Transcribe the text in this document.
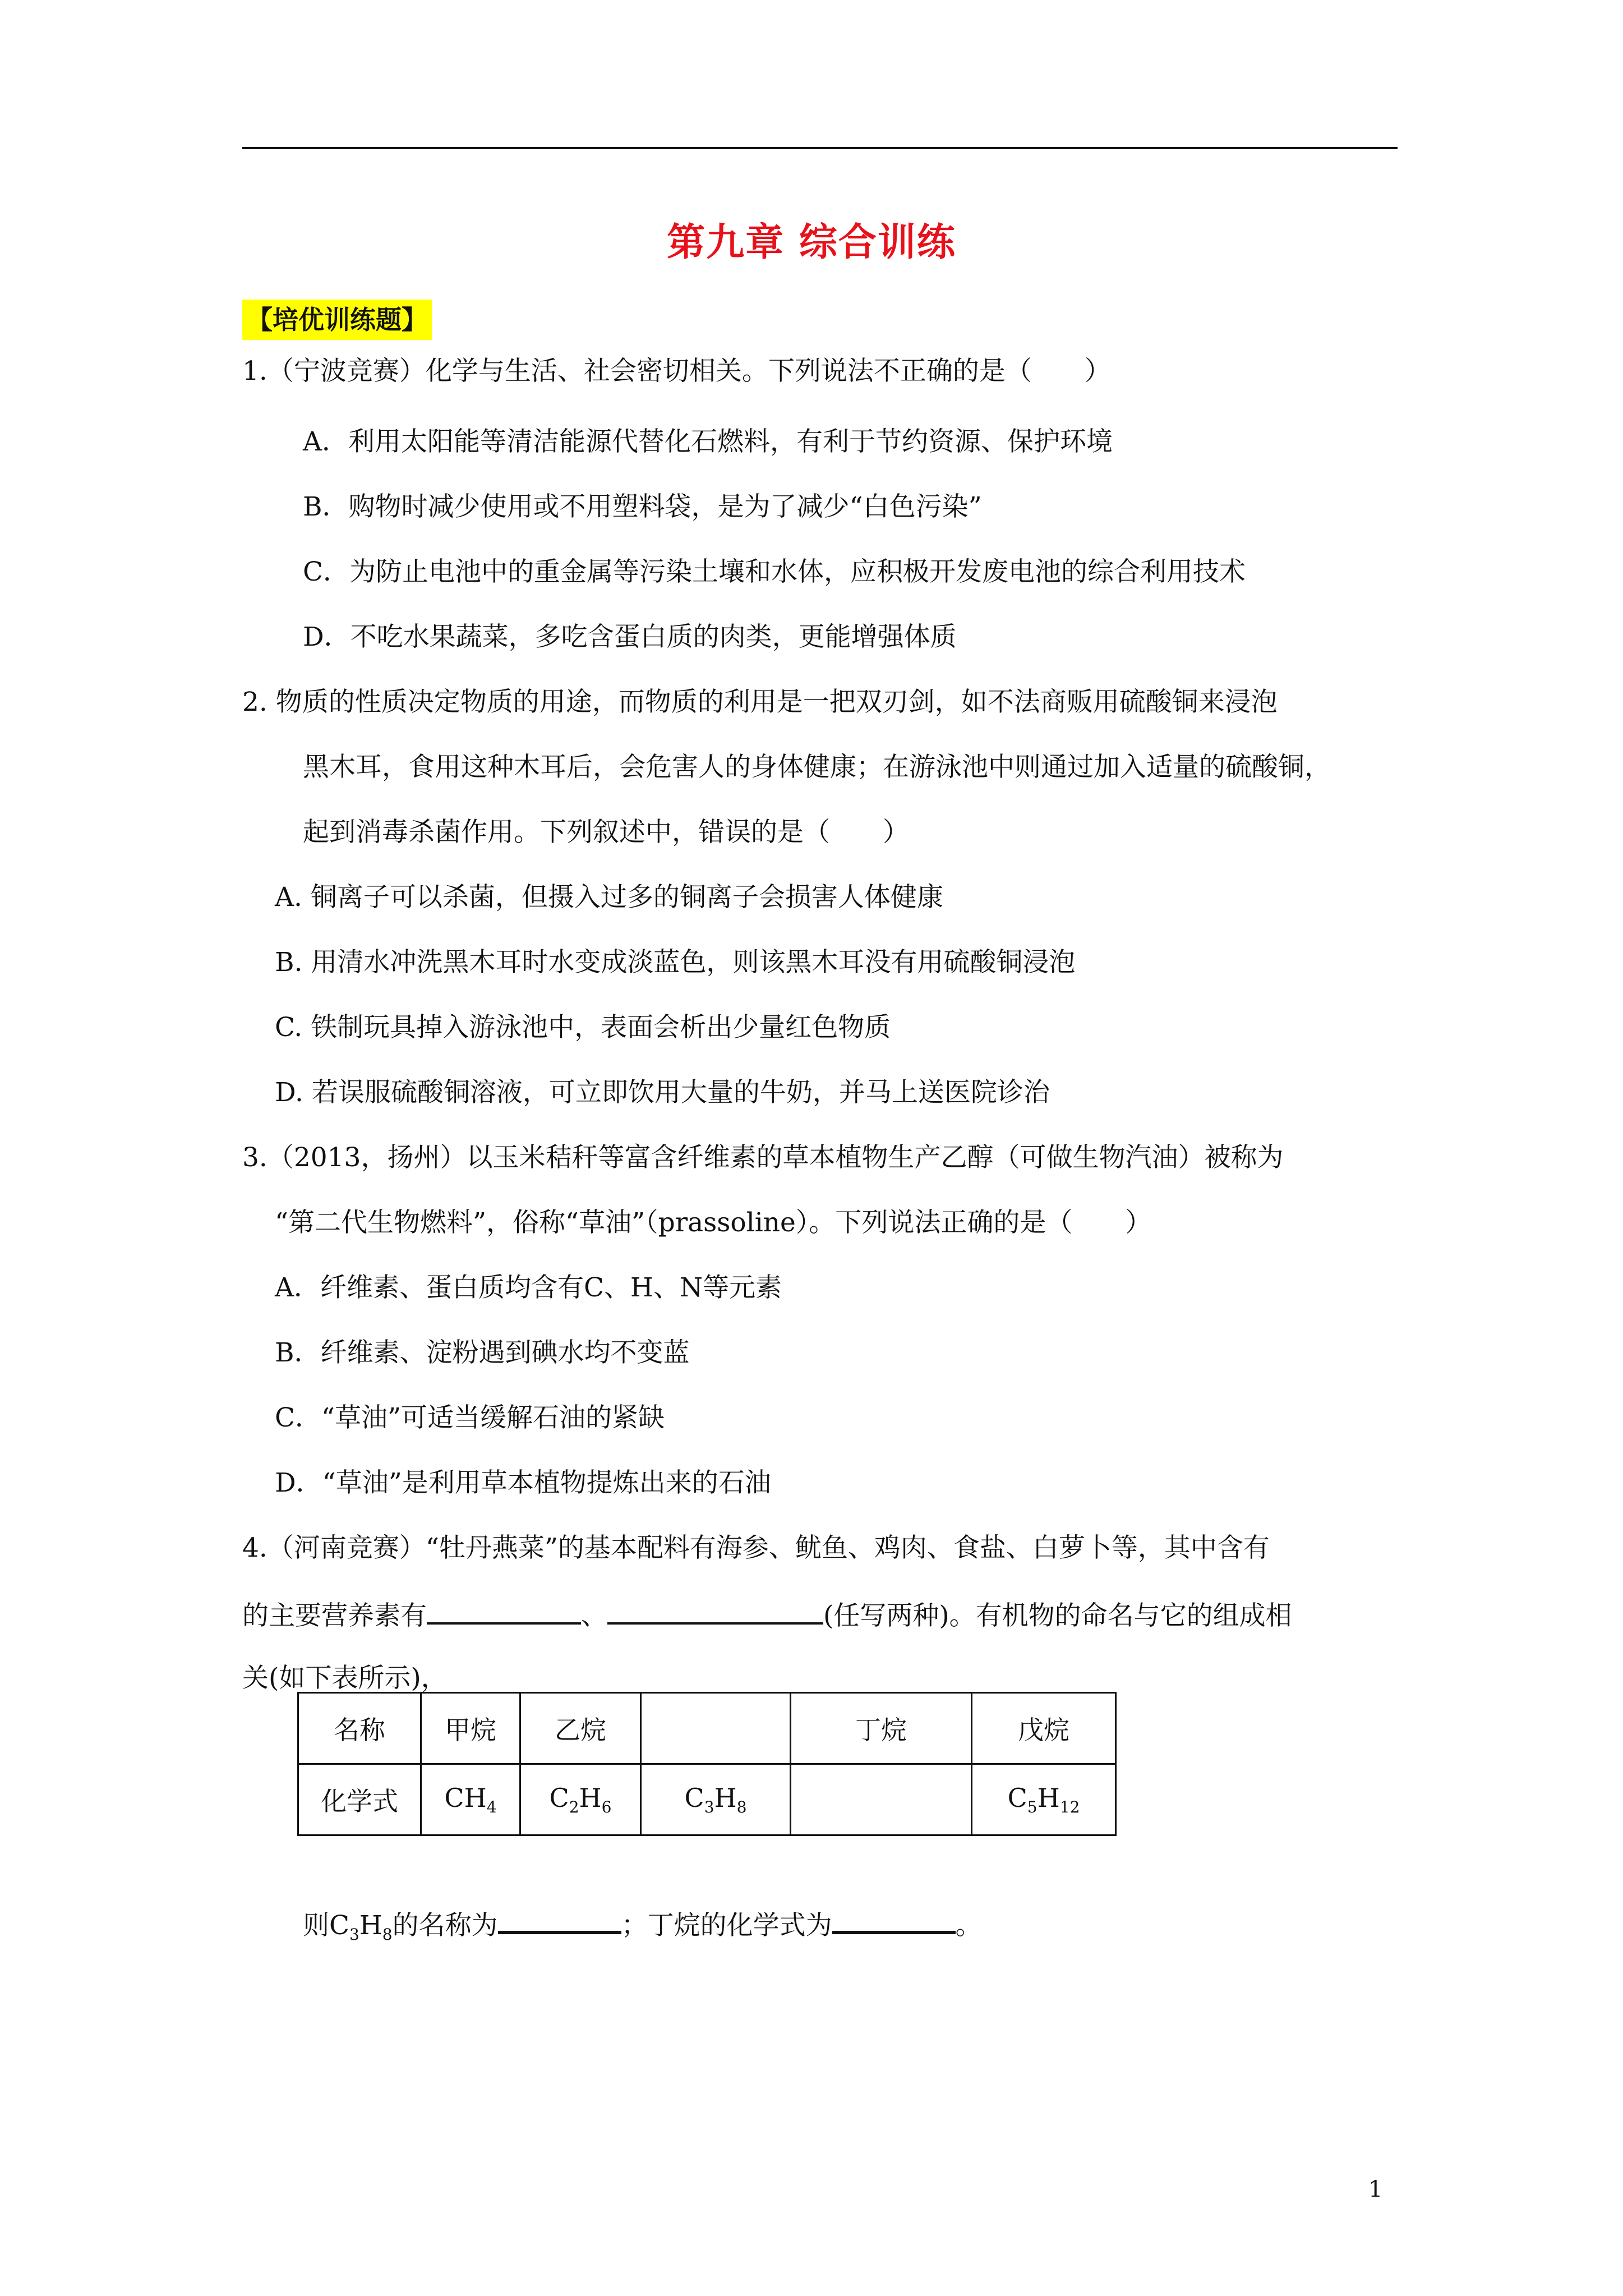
第九章 综合训练
【培优训练题】
1.（宁波竞赛）化学与生活、社会密切相关。下列说法不正确的是（　　）
A．利用太阳能等清洁能源代替化石燃料，有利于节约资源、保护环境
B．购物时减少使用或不用塑料袋，是为了减少“白色污染”
C．为防止电池中的重金属等污染土壤和水体，应积极开发废电池的综合利用技术
D．不吃水果蔬菜，多吃含蛋白质的肉类，更能增强体质
2. 物质的性质决定物质的用途，而物质的利用是一把双刃剑，如不法商贩用硫酸铜来浸泡
黑木耳，食用这种木耳后，会危害人的身体健康；在游泳池中则通过加入适量的硫酸铜，
起到消毒杀菌作用。下列叙述中，错误的是（　　）
A. 铜离子可以杀菌，但摄入过多的铜离子会损害人体健康
B. 用清水冲洗黑木耳时水变成淡蓝色，则该黑木耳没有用硫酸铜浸泡
C. 铁制玩具掉入游泳池中，表面会析出少量红色物质
D. 若误服硫酸铜溶液，可立即饮用大量的牛奶，并马上送医院诊治
3.（2013，扬州）以玉米秸秆等富含纤维素的草本植物生产乙醇（可做生物汽油）被称为
“第二代生物燃料”，俗称“草油”（prassoline）。下列说法正确的是（　　）
A．纤维素、蛋白质均含有C、H、N等元素
B．纤维素、淀粉遇到碘水均不变蓝
C．“草油”可适当缓解石油的紧缺
D．“草油”是利用草本植物提炼出来的石油
4.（河南竞赛）“牡丹燕菜”的基本配料有海参、鱿鱼、鸡肉、食盐、白萝卜等，其中含有
的主要营养素有	、	(任写两种)。有机物的命名与它的组成相
关(如下表所示)，
名称	甲烷	乙烷		丁烷	戊烷
化学式	$CH_4$	$C_2H_6$	$C_3H_8$		$C_5H_{12}$
则$C_3H_8$的名称为	；丁烷的化学式为	。
1
